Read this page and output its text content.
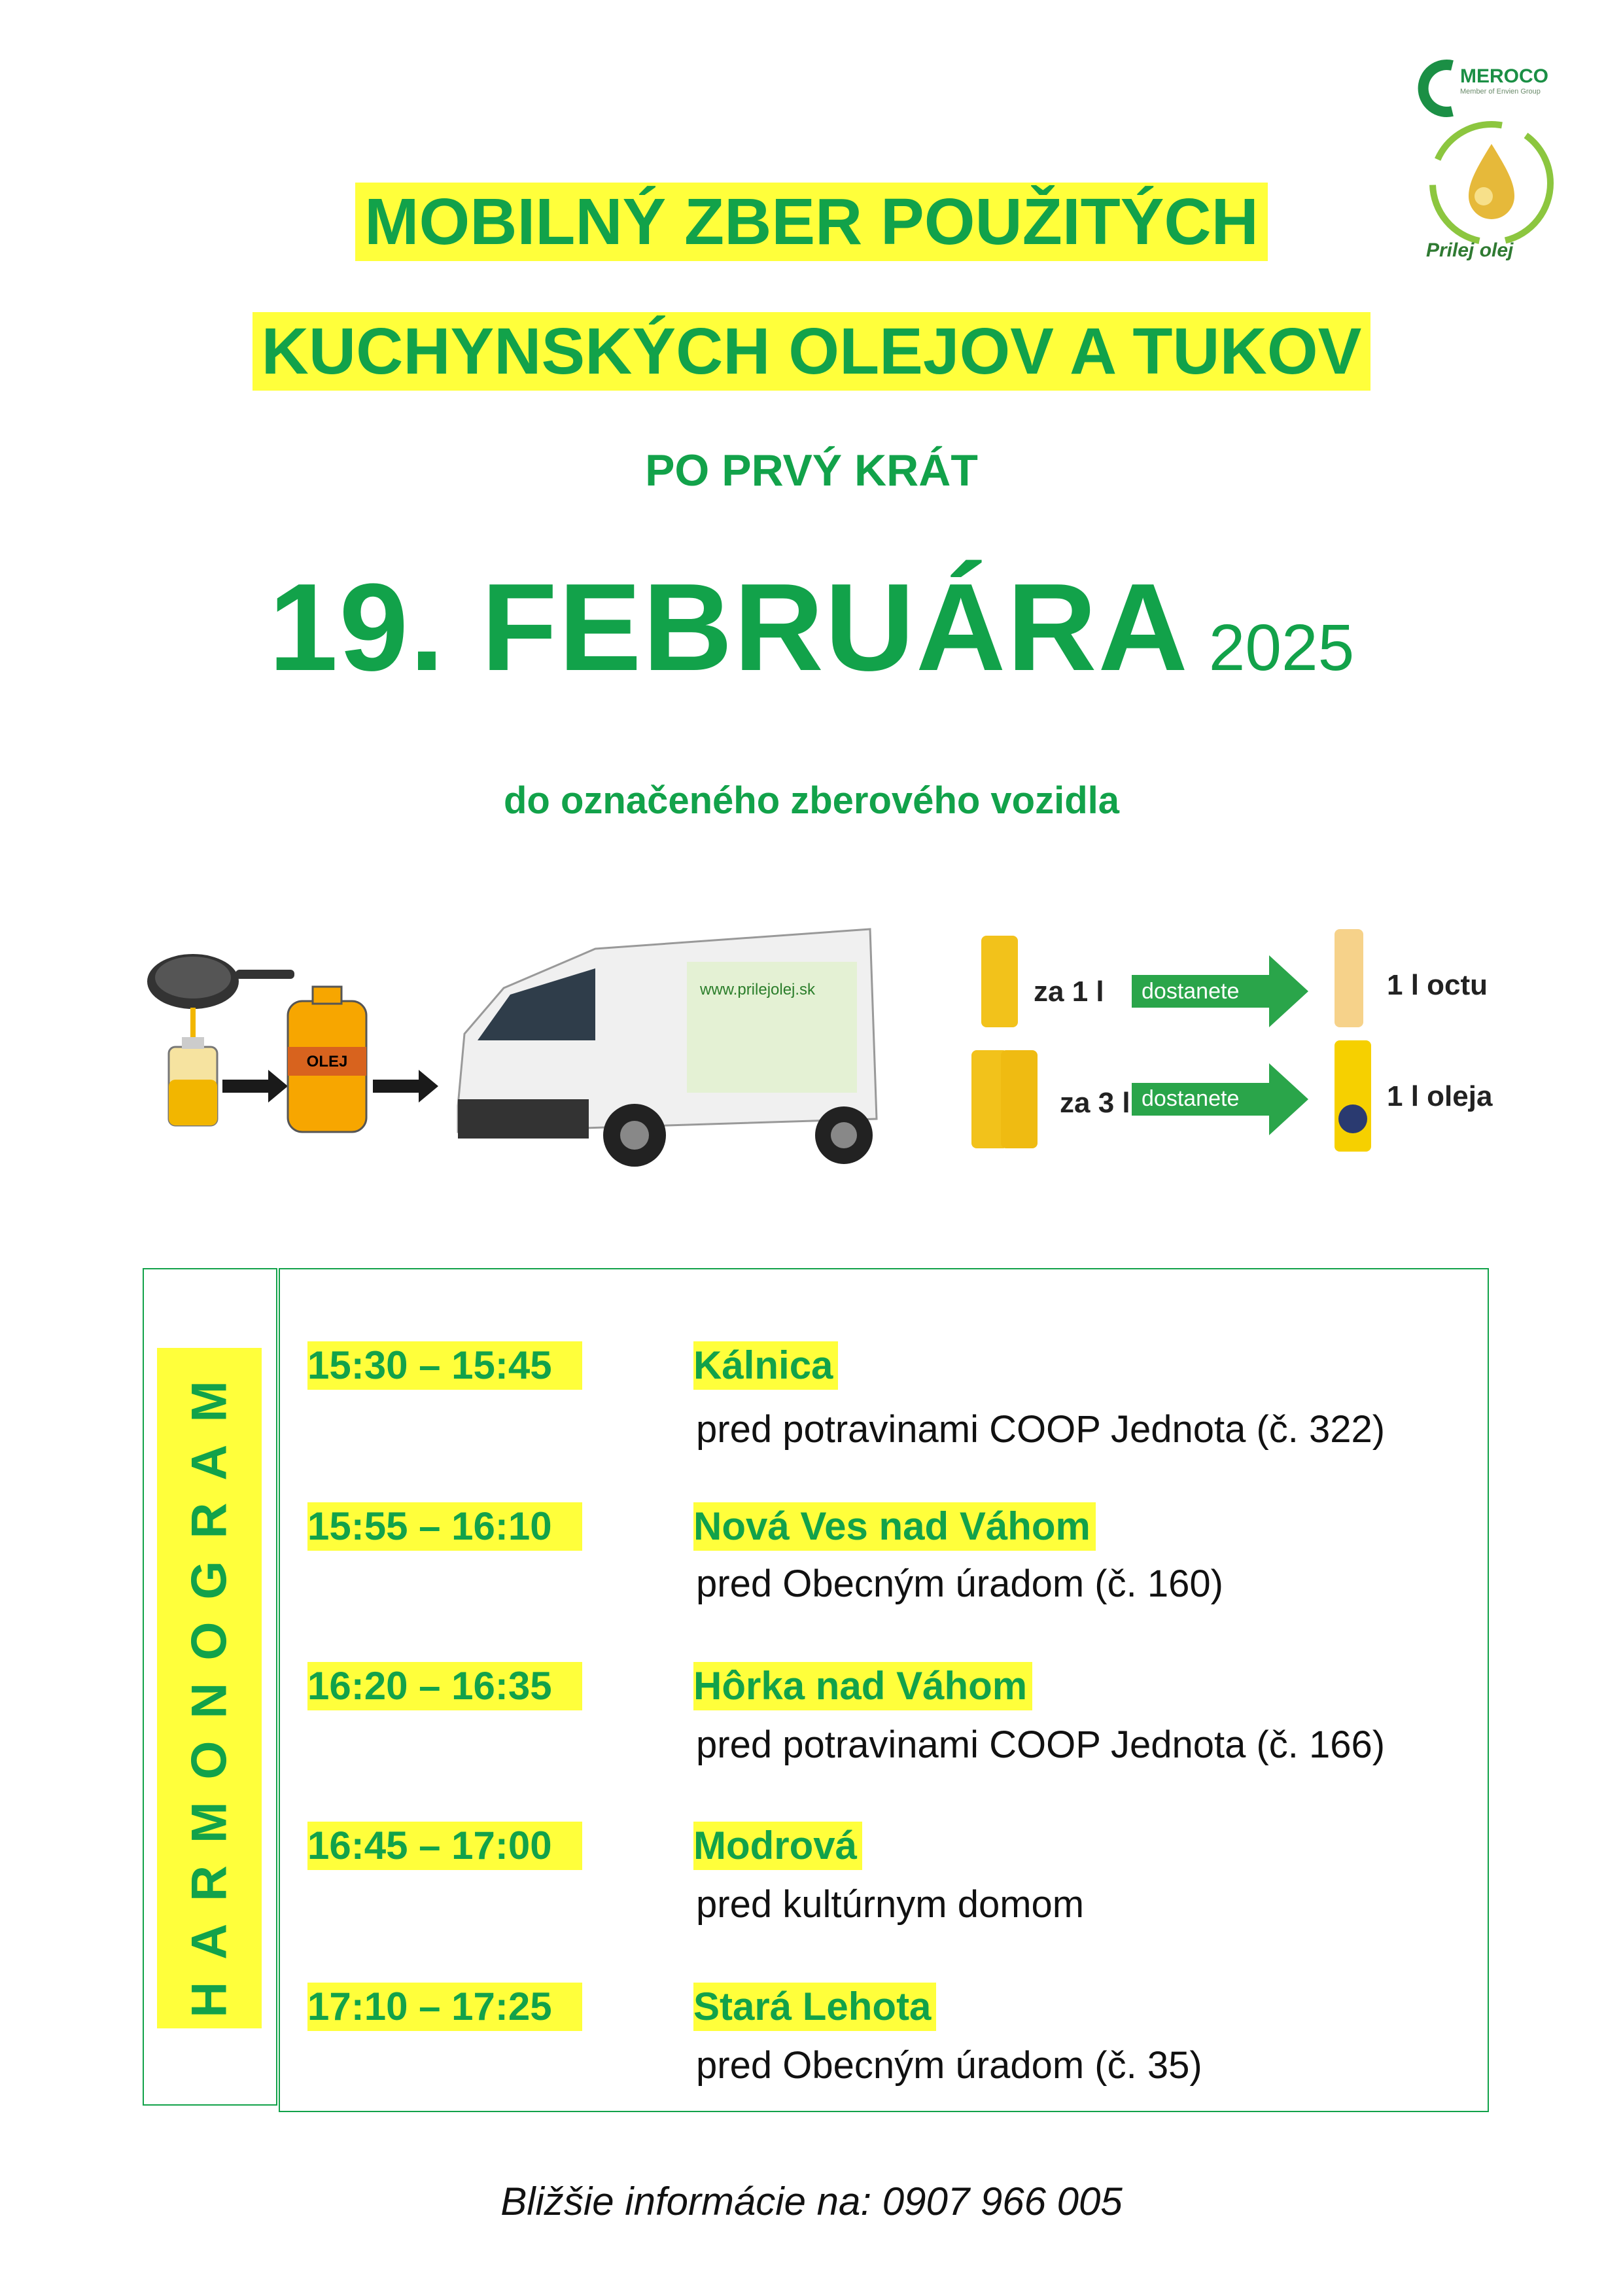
MEROCO
Member of Envien Group
Prilej olej
MOBILNÝ ZBER POUŽITÝCH
KUCHYNSKÝCH OLEJOV A TUKOV
PO PRVÝ KRÁT
19. FEBRUÁRA 2025
do označeného zberového vozidla
OLEJ
www.prilejolej.sk	za 1 l dostanete	1 l octu
za 3 l dostanete	1 l oleja
HARMONOGRAM 15:30 – 15:45	Kálnica
pred potravinami COOP Jednota (č. 322)
15:55 – 16:10	Nová Ves nad Váhom
pred Obecným úradom (č. 160)
16:20 – 16:35	Hôrka nad Váhom
pred potravinami COOP Jednota (č. 166)
16:45 – 17:00	Modrová
pred kultúrnym domom
17:10 – 17:25	Stará Lehota
pred Obecným úradom (č. 35)
Bližšie informácie na: 0907 966 005
